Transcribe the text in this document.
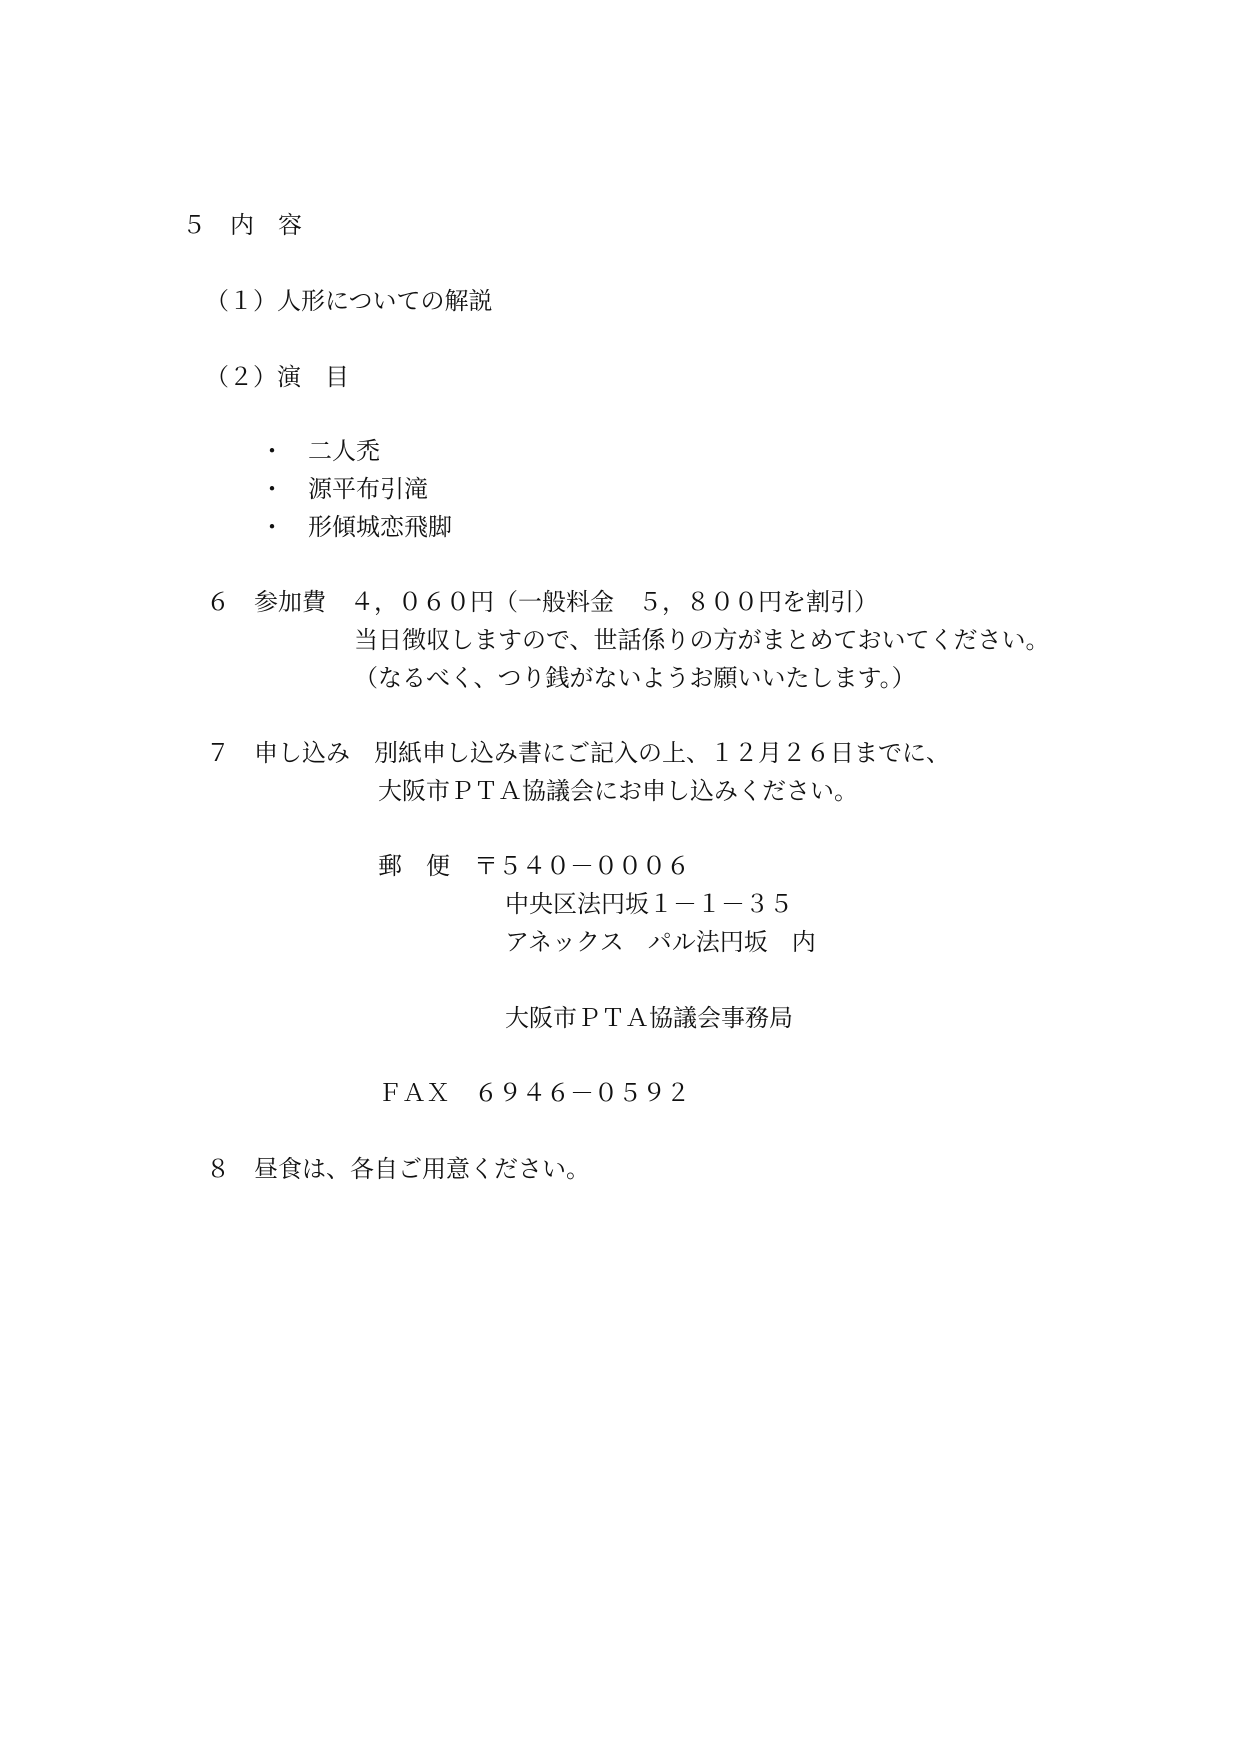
５　内　容
（１）人形についての解説
（２）演　目
・　二人禿
・　源平布引滝
・　形傾城恋飛脚
６　参加費　４，０６０円（一般料金　５，８００円を割引）
当日徴収しますので、世話係りの方がまとめておいてください。
（なるべく、つり銭がないようお願いいたします。）
７　申し込み　別紙申し込み書にご記入の上、１２月２６日までに、
大阪市ＰＴＡ協議会にお申し込みください。
郵　便　〒５４０－０００６
中央区法円坂１－１－３５
アネックス　パル法円坂　内
大阪市ＰＴＡ協議会事務局
ＦＡＸ　６９４６－０５９２
８　昼食は、各自ご用意ください。
